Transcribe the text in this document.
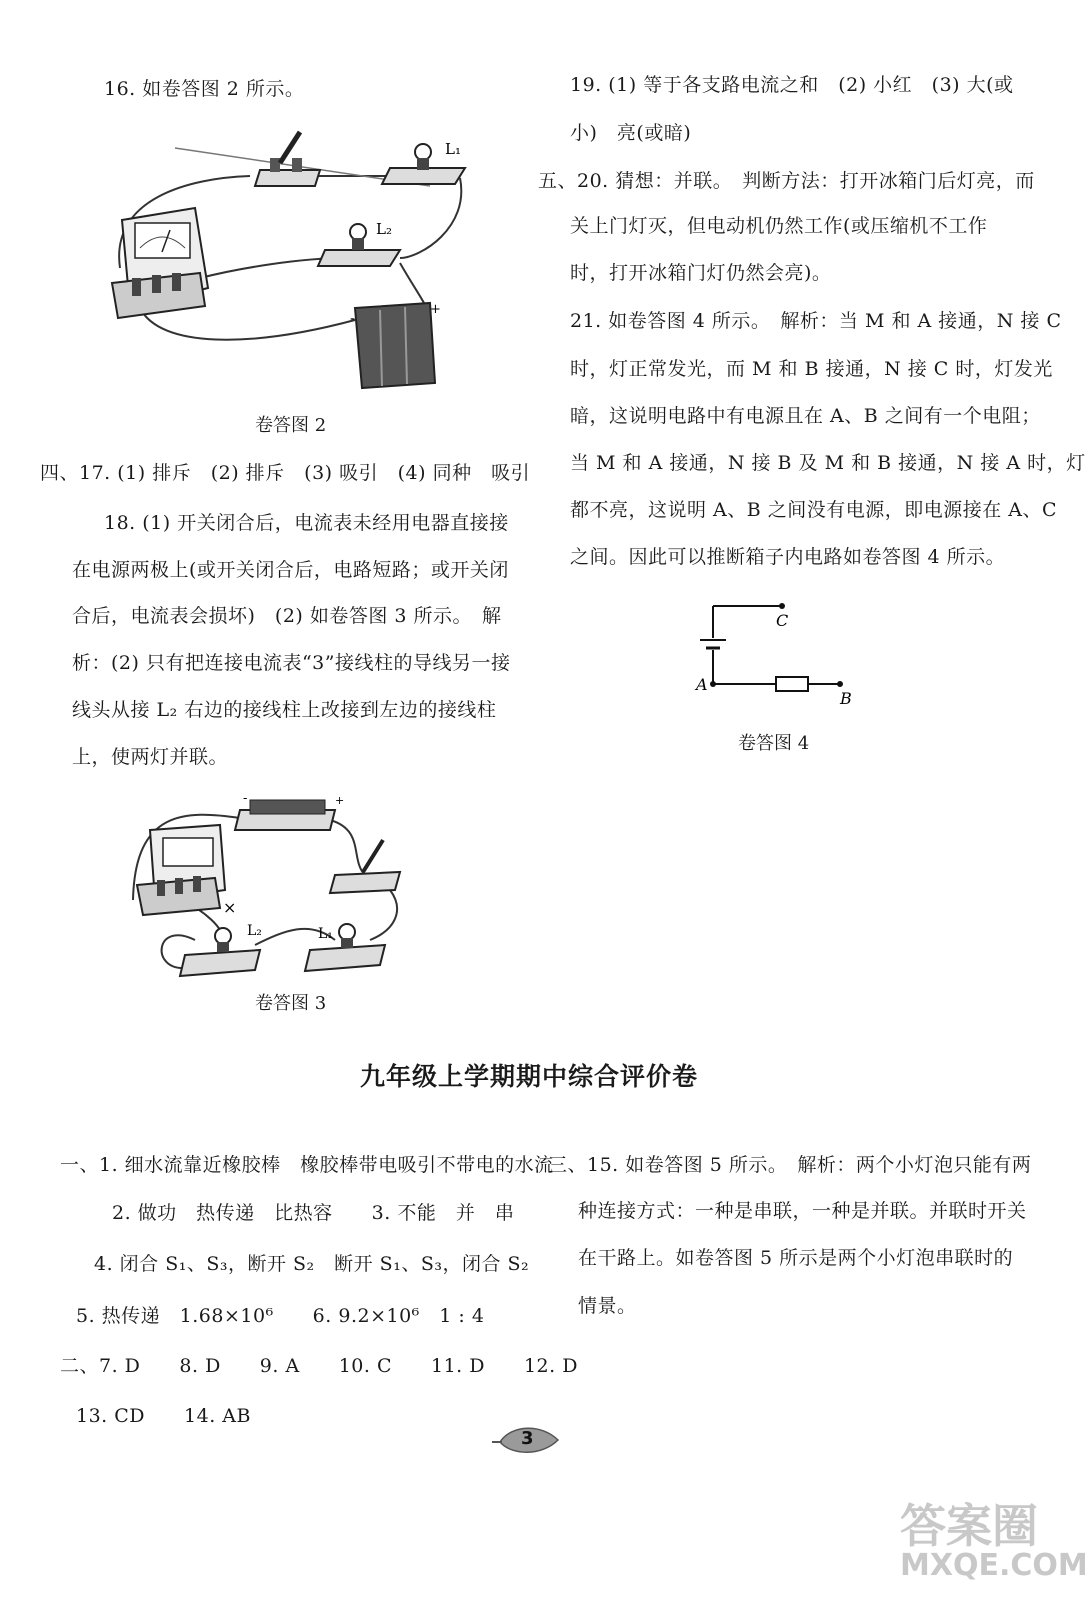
16. 如卷答图 2 所示。
L₁
L₂
-	+
卷答图 2
四、17. (1) 排斥　(2) 排斥　(3) 吸引　(4) 同种　吸引
18. (1) 开关闭合后，电流表未经用电器直接接
在电源两极上(或开关闭合后，电路短路；或开关闭
合后，电流表会损坏)　(2) 如卷答图 3 所示。　解
析：(2) 只有把连接电流表“3”接线柱的导线另一接
线头从接 L₂ 右边的接线柱上改接到左边的接线柱
上，使两灯并联。
-	+
L₂
×
L₁
卷答图 3
19. (1) 等于各支路电流之和　(2) 小红　(3) 大(或
小)　亮(或暗)
五、20. 猜想：并联。　判断方法：打开冰箱门后灯亮，而
关上门灯灭，但电动机仍然工作(或压缩机不工作
时，打开冰箱门灯仍然会亮)。
21. 如卷答图 4 所示。　解析：当 M 和 A 接通，N 接 C
时，灯正常发光，而 M 和 B 接通，N 接 C 时，灯发光
暗，这说明电路中有电源且在 A、B 之间有一个电阻；
当 M 和 A 接通，N 接 B 及 M 和 B 接通，N 接 A 时，灯
都不亮，这说明 A、B 之间没有电源，即电源接在 A、C
之间。因此可以推断箱子内电路如卷答图 4 所示。
C
A
B
卷答图 4
九年级上学期期中综合评价卷
一、1. 细水流靠近橡胶棒　橡胶棒带电吸引不带电的水流
2. 做功　热传递　比热容　　3. 不能　并　串
4. 闭合 S₁、S₃，断开 S₂　断开 S₁、S₃，闭合 S₂
5. 热传递　1.68×10⁶　　6. 9.2×10⁶　1 : 4
二、7. D　　8. D　　9. A　　10. C　　11. D　　12. D
13. CD　　14. AB
三、15. 如卷答图 5 所示。　解析：两个小灯泡只能有两
种连接方式：一种是串联，一种是并联。并联时开关
在干路上。如卷答图 5 所示是两个小灯泡串联时的
情景。
3
答案圈
MXQE.COM
